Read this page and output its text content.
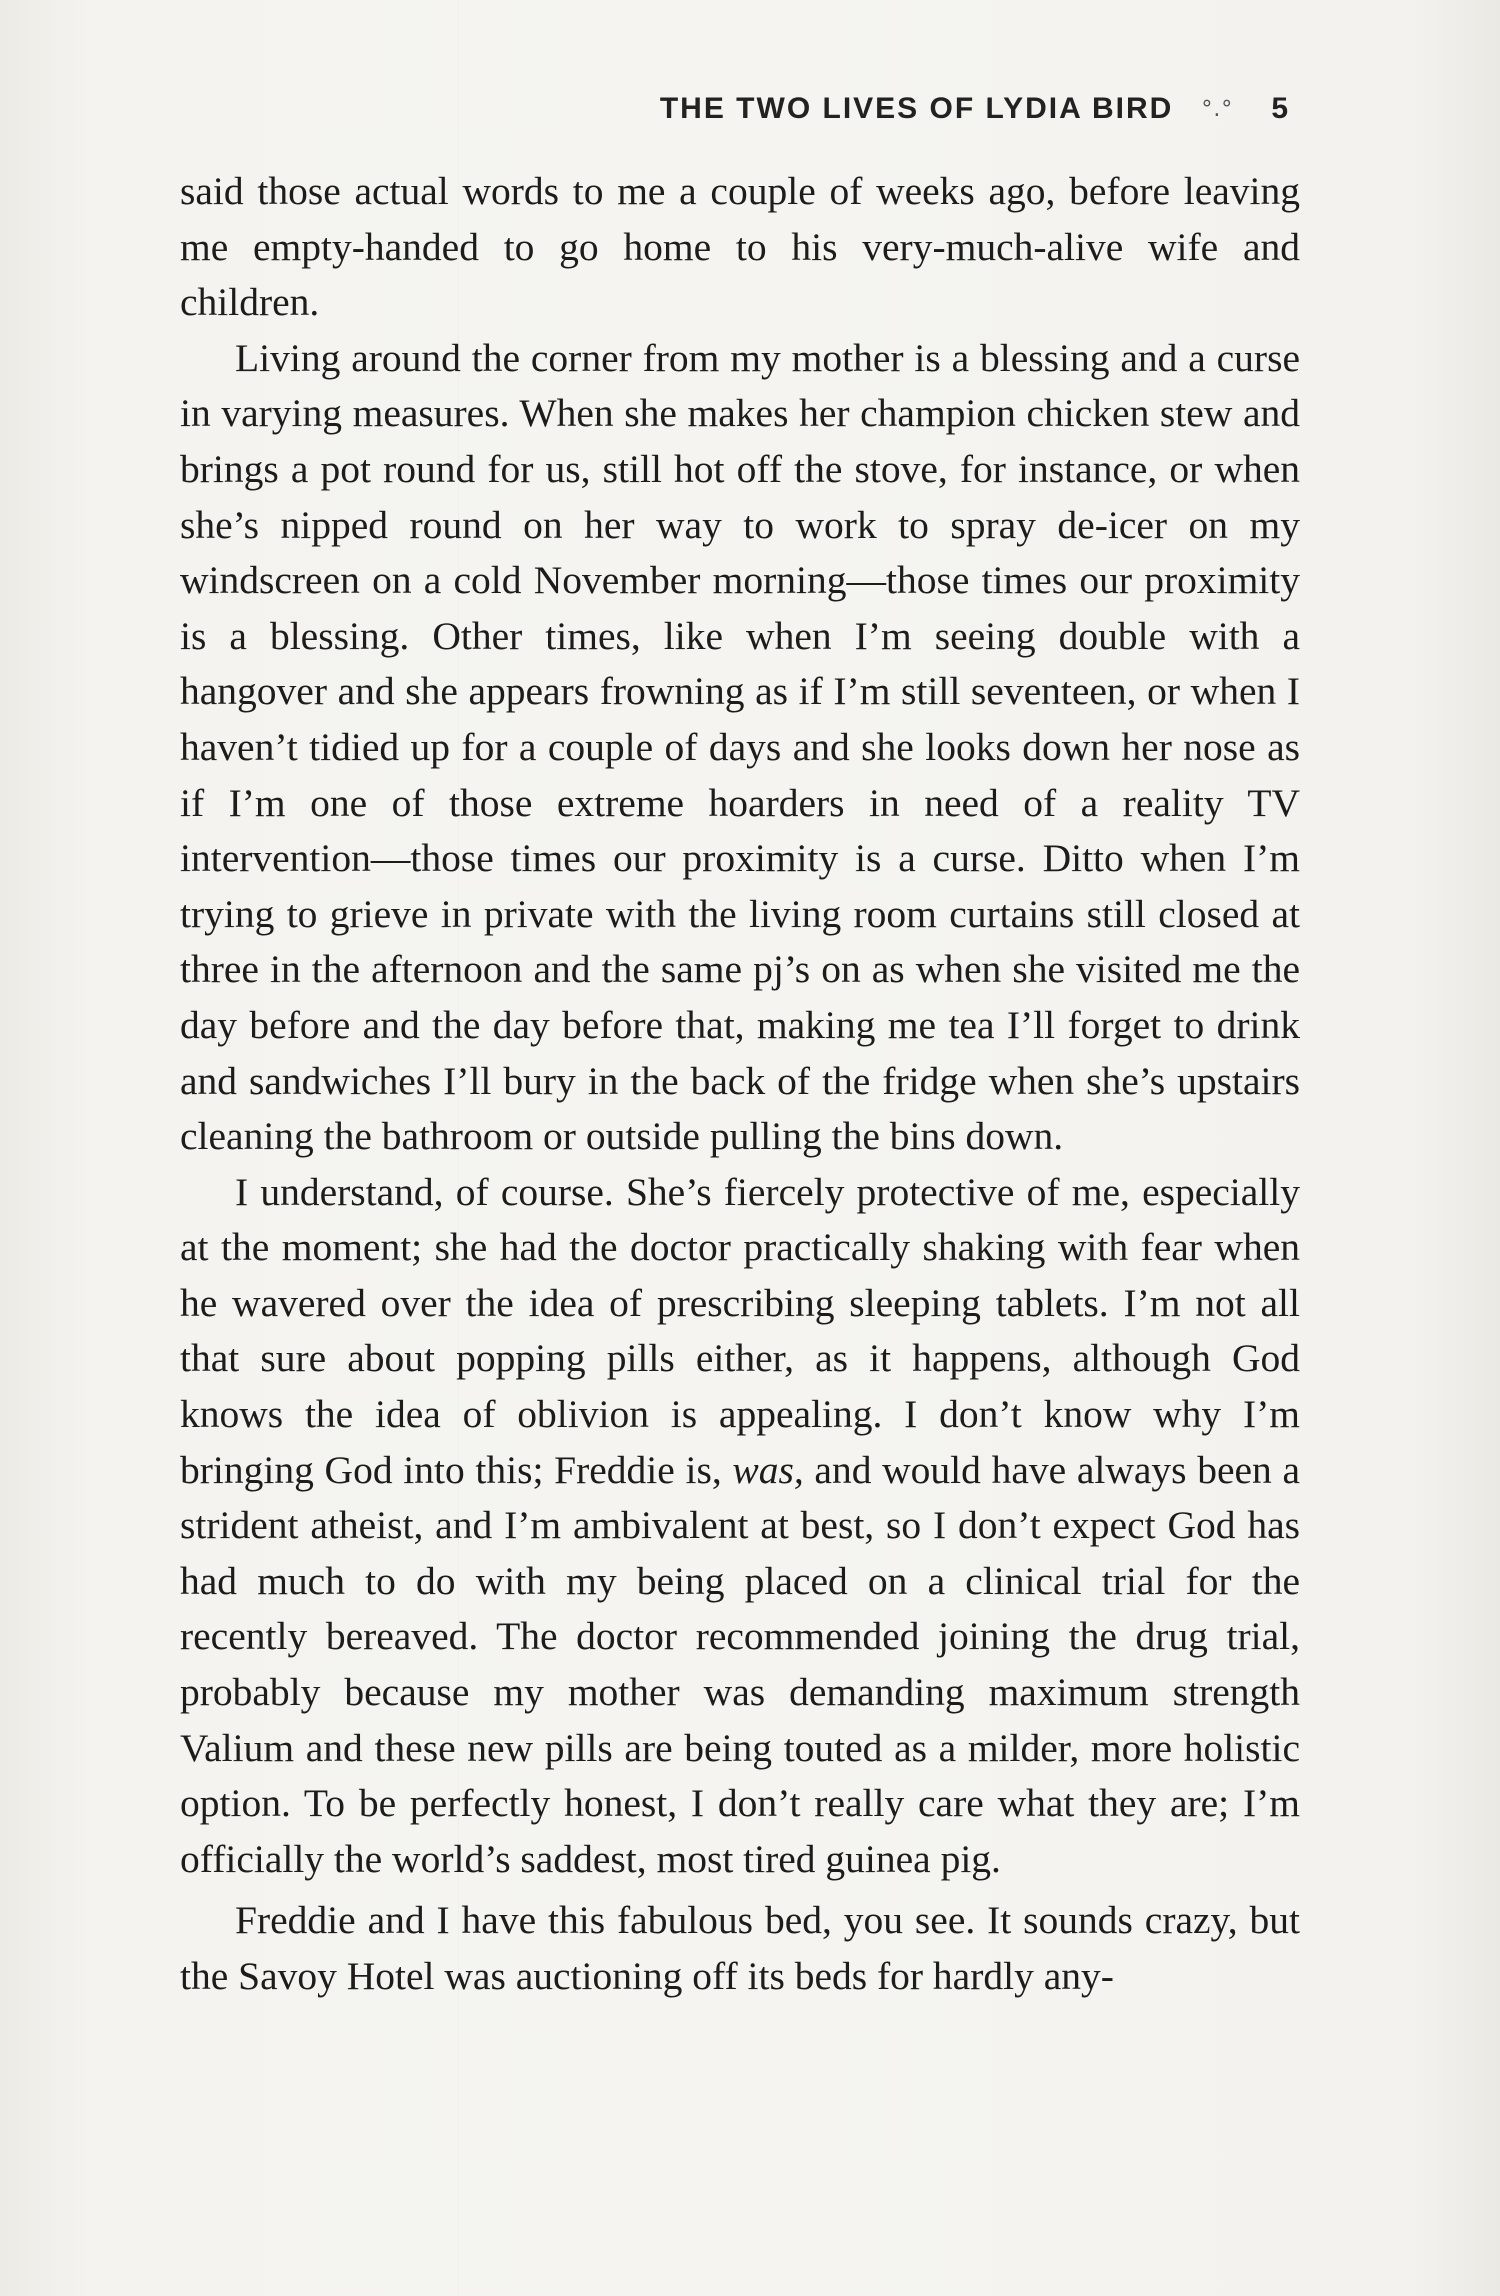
THE TWO LIVES OF LYDIA BIRD °.° 5

said those actual words to me a couple of weeks ago, before leaving me empty-handed to go home to his very-much-alive wife and children.

Living around the corner from my mother is a blessing and a curse in varying measures. When she makes her champion chicken stew and brings a pot round for us, still hot off the stove, for instance, or when she’s nipped round on her way to work to spray de-icer on my windscreen on a cold November morning—those times our proximity is a blessing. Other times, like when I’m seeing double with a hangover and she appears frowning as if I’m still seventeen, or when I haven’t tidied up for a couple of days and she looks down her nose as if I’m one of those extreme hoarders in need of a reality TV intervention—those times our proximity is a curse. Ditto when I’m trying to grieve in private with the living room curtains still closed at three in the afternoon and the same pj’s on as when she visited me the day before and the day before that, making me tea I’ll forget to drink and sandwiches I’ll bury in the back of the fridge when she’s upstairs cleaning the bathroom or outside pulling the bins down.

I understand, of course. She’s fiercely protective of me, especially at the moment; she had the doctor practically shaking with fear when he wavered over the idea of prescribing sleeping tablets. I’m not all that sure about popping pills either, as it happens, although God knows the idea of oblivion is appealing. I don’t know why I’m bringing God into this; Freddie is, was, and would have always been a strident atheist, and I’m ambivalent at best, so I don’t expect God has had much to do with my being placed on a clinical trial for the recently bereaved. The doctor recommended joining the drug trial, probably because my mother was demanding maximum strength Valium and these new pills are being touted as a milder, more holistic option. To be perfectly honest, I don’t really care what they are; I’m officially the world’s saddest, most tired guinea pig.

Freddie and I have this fabulous bed, you see. It sounds crazy, but the Savoy Hotel was auctioning off its beds for hardly any-
